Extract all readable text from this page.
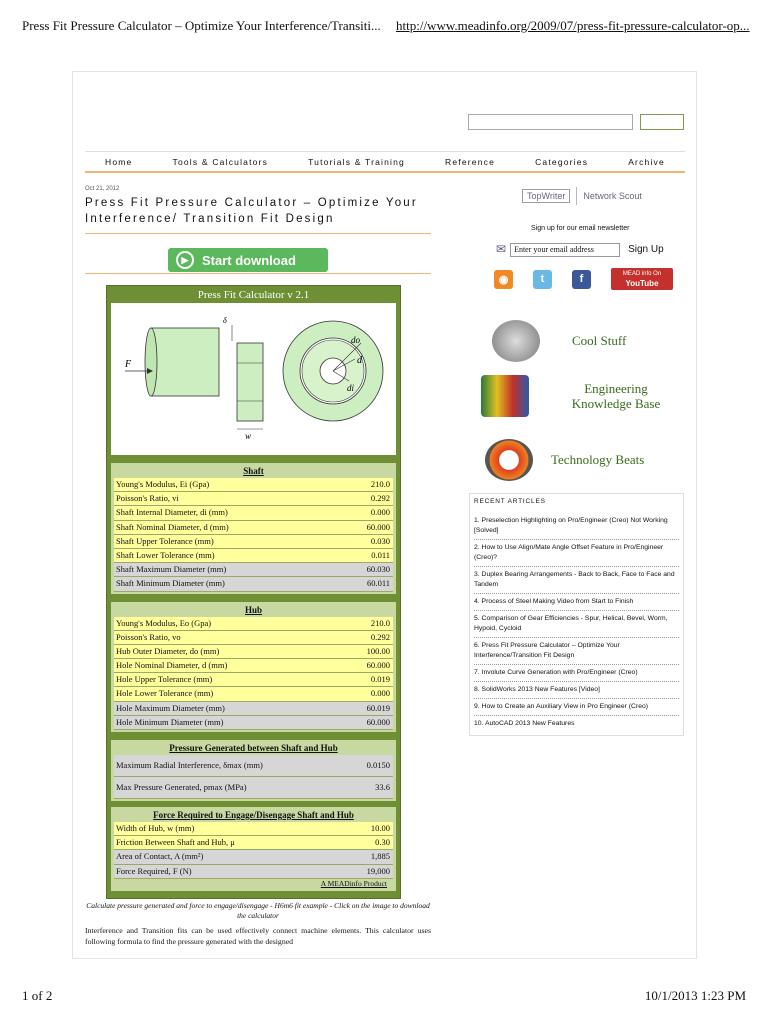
Press Fit Pressure Calculator – Optimize Your Interference/Transiti...	http://www.meadinfo.org/2009/07/press-fit-pressure-calculator-op...
Home	Tools & Calculators	Tutorials & Training	Reference	Categories	Archive
Oct 21, 2012
Press Fit Pressure Calculator – Optimize Your Interference/ Transition Fit Design
▶	Start download
Press Fit Calculator v 2.1
F
δ
w
do
d
di
Shaft
Young's Modulus, Ei (Gpa)	210.0
Poisson's Ratio, vi	0.292
Shaft Internal Diameter, di (mm)	0.000
Shaft Nominal Diameter, d (mm)	60.000
Shaft Upper Tolerance (mm)	0.030
Shaft Lower Tolerance (mm)	0.011
Shaft Maximum Diameter (mm)	60.030
Shaft Minimum Diameter (mm)	60.011
Hub
Young's Modulus, Eo (Gpa)	210.0
Poisson's Ratio, vo	0.292
Hub Outer Diameter, do (mm)	100.00
Hole Nominal Diameter, d (mm)	60.000
Hole Upper Tolerance (mm)	0.019
Hole Lower Tolerance (mm)	0.000
Hole Maximum Diameter (mm)	60.019
Hole Minimum Diameter (mm)	60.000
Pressure Generated between Shaft and Hub
Maximum Radial Interference, δmax (mm)	0.0150
Max Pressure Generated, pmax (MPa)	33.6
Force Required to Engage/Disengage Shaft and Hub
Width of Hub, w (mm)	10.00
Friction Between Shaft and Hub, μ	0.30
Area of Contact, A (mm²)	1,885
Force Required, F (N)	19,000
A MEADinfo Product
Calculate pressure generated and force to engage/disengage - H6m6 fit example - Click on the image to download the calculator
Interference and Transition fits can be used effectively connect machine elements. This calculator uses following formula to find the pressure generated with the designed
TopWriter	Network Scout
Sign up for our email newsletter
✉	Enter your email address	Sign Up
◉	t	f	MEAD info On
YouTube
Cool Stuff
Engineering Knowledge Base
Technology Beats
RECENT ARTICLES
1. Preselection Highlighting on Pro/Engineer (Creo) Not Working [Solved]
2. How to Use Align/Mate Angle Offset Feature in Pro/Engineer (Creo)?
3. Duplex Bearing Arrangements - Back to Back, Face to Face and Tandem
4. Process of Steel Making Video from Start to Finish
5. Comparison of Gear Efficiencies - Spur, Helical, Bevel, Worm, Hypoid, Cycloid
6. Press Fit Pressure Calculator – Optimize Your Interference/Transition Fit Design
7. Involute Curve Generation with Pro/Engineer (Creo)
8. SolidWorks 2013 New Features [Video]
9. How to Create an Auxiliary View in Pro Engineer (Creo)
10. AutoCAD 2013 New Features
1 of 2	10/1/2013 1:23 PM
